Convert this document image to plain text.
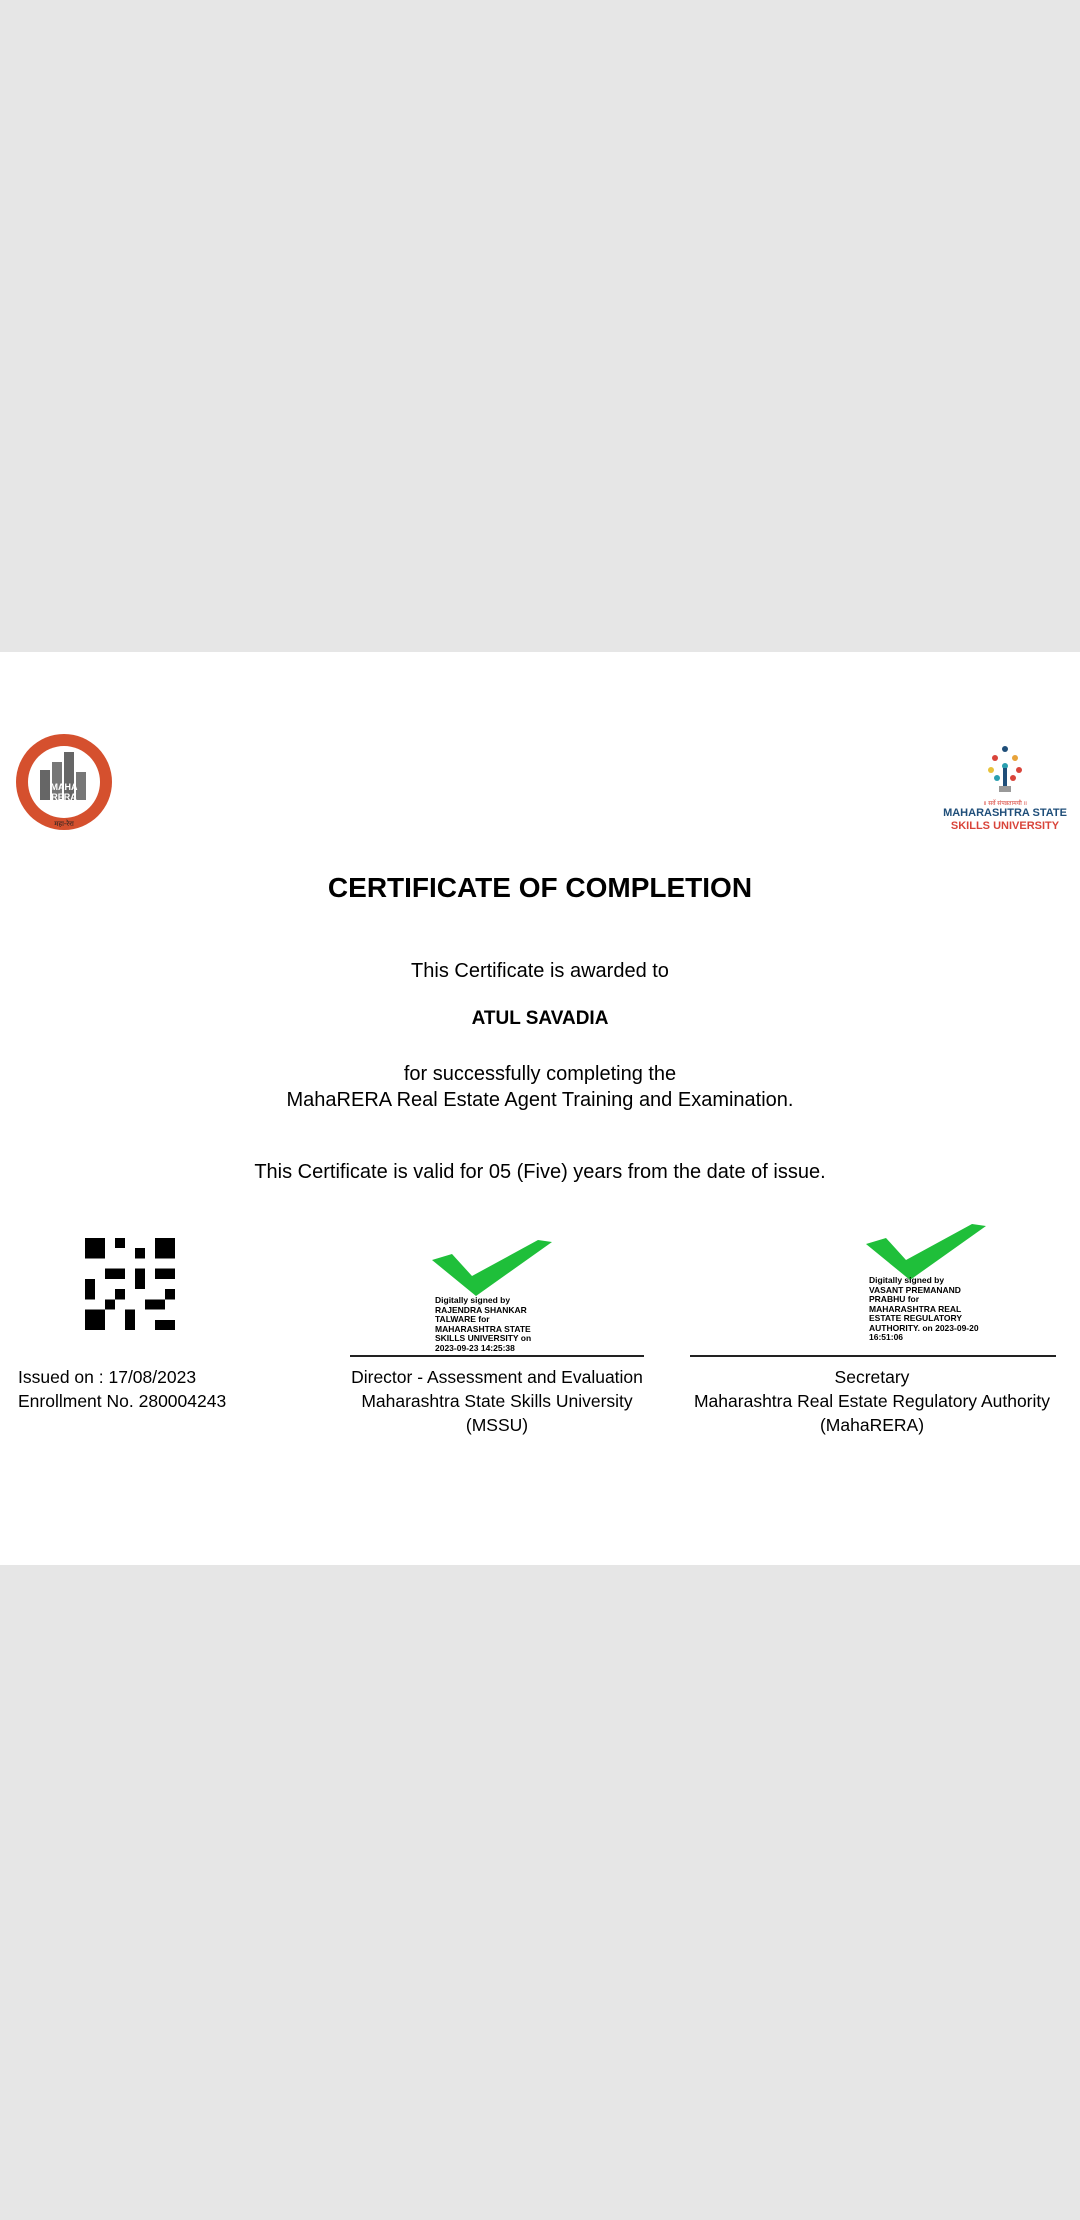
MAHA
RERA
महा-रेरा
॥ सर्वे संपन्नतामयी ॥
MAHARASHTRA STATE
SKILLS UNIVERSITY
CERTIFICATE OF COMPLETION
This Certificate is awarded to
ATUL SAVADIA
for successfully completing the
MahaRERA Real Estate Agent Training and Examination.
This Certificate is valid for 05 (Five) years from the date of issue.
Digitally signed by
RAJENDRA SHANKAR
TALWARE for
MAHARASHTRA STATE
SKILLS UNIVERSITY on
2023-09-23 14:25:38
Digitally signed by
VASANT PREMANAND
PRABHU for
MAHARASHTRA REAL
ESTATE REGULATORY
AUTHORITY. on 2023-09-20
16:51:06
Issued on : 17/08/2023
Enrollment No. 280004243
Director - Assessment and Evaluation
Maharashtra State Skills University
(MSSU)
Secretary
Maharashtra Real Estate Regulatory Authority
(MahaRERA)
